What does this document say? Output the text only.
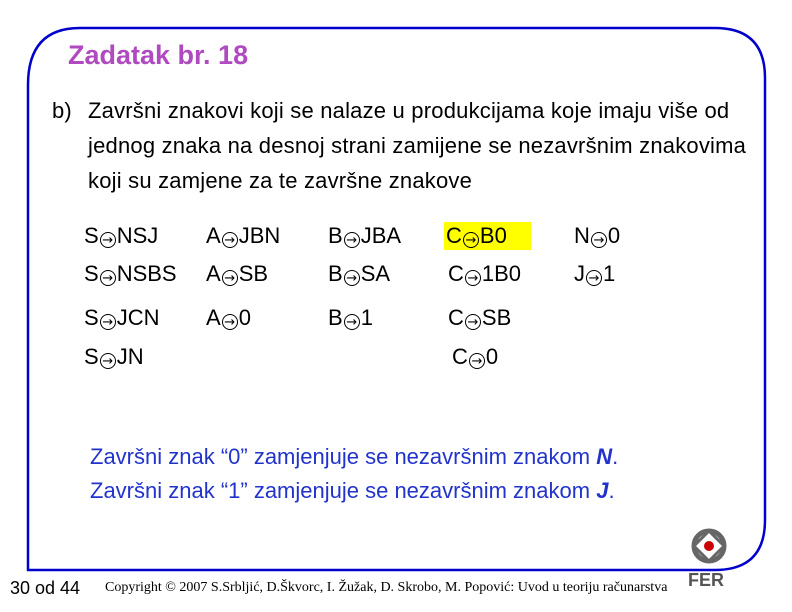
Zadatak br. 18
b) Završni znakovi koji se nalaze u produkcijama koje imaju više od jednog znaka na desnoj strani zamijene se nezavršnim znakovima koji su zamjene za te završne znakove
S → NSJ
S → NSBS
S → JCN
S → JN
A → JBN
A → SB
A → 0
B → JBA
B → SA
B → 1
C → B0
C → 1B0
C → SB
C → 0
N → 0
J → 1
Završni znak “0” zamjenjuje se nezavršnim znakom N.
Završni znak “1” zamjenjuje se nezavršnim znakom J.
30 od 44 Copyright © 2007 S.Srbljić, D.Škvorc, I. Žužak, D. Skrobo, M. Popović: Uvod u teoriju računarstva FER
